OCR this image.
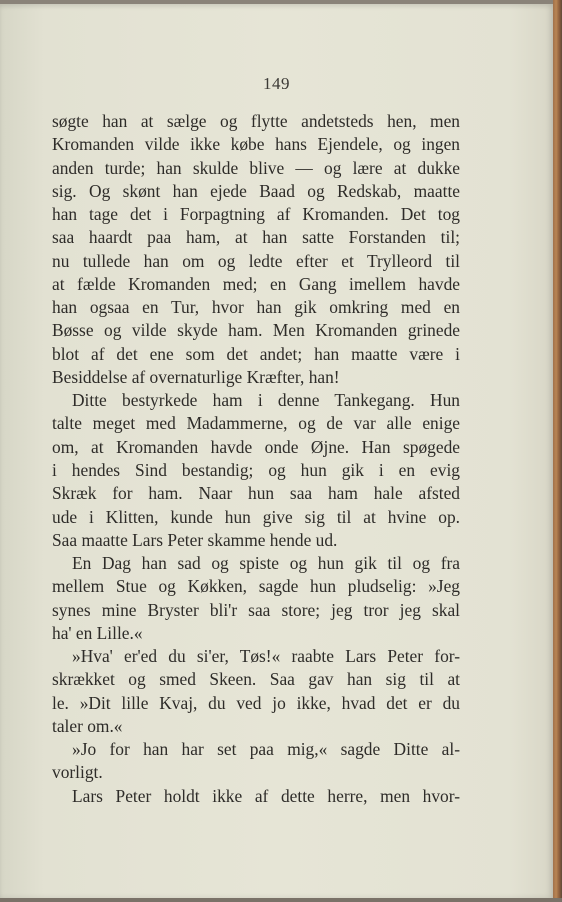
149
søgte han at sælge og flytte andetsteds hen, men
Kromanden vilde ikke købe hans Ejendele, og ingen
anden turde; han skulde blive — og lære at dukke
sig. Og skønt han ejede Baad og Redskab, maatte
han tage det i Forpagtning af Kromanden. Det tog
saa haardt paa ham, at han satte Forstanden til;
nu tullede han om og ledte efter et Trylleord til
at fælde Kromanden med; en Gang imellem havde
han ogsaa en Tur, hvor han gik omkring med en
Bøsse og vilde skyde ham. Men Kromanden grinede
blot af det ene som det andet; han maatte være i
Besiddelse af overnaturlige Kræfter, han!
Ditte bestyrkede ham i denne Tankegang. Hun
talte meget med Madammerne, og de var alle enige
om, at Kromanden havde onde Øjne. Han spøgede
i hendes Sind bestandig; og hun gik i en evig
Skræk for ham. Naar hun saa ham hale afsted
ude i Klitten, kunde hun give sig til at hvine op.
Saa maatte Lars Peter skamme hende ud.
En Dag han sad og spiste og hun gik til og fra
mellem Stue og Køkken, sagde hun pludselig: »Jeg
synes mine Bryster bli'r saa store; jeg tror jeg skal
ha' en Lille.«
»Hva' er'ed du si'er, Tøs!« raabte Lars Peter for-
skrækket og smed Skeen. Saa gav han sig til at
le. »Dit lille Kvaj, du ved jo ikke, hvad det er du
taler om.«
»Jo for han har set paa mig,« sagde Ditte al-
vorligt.
Lars Peter holdt ikke af dette herre, men hvor-
